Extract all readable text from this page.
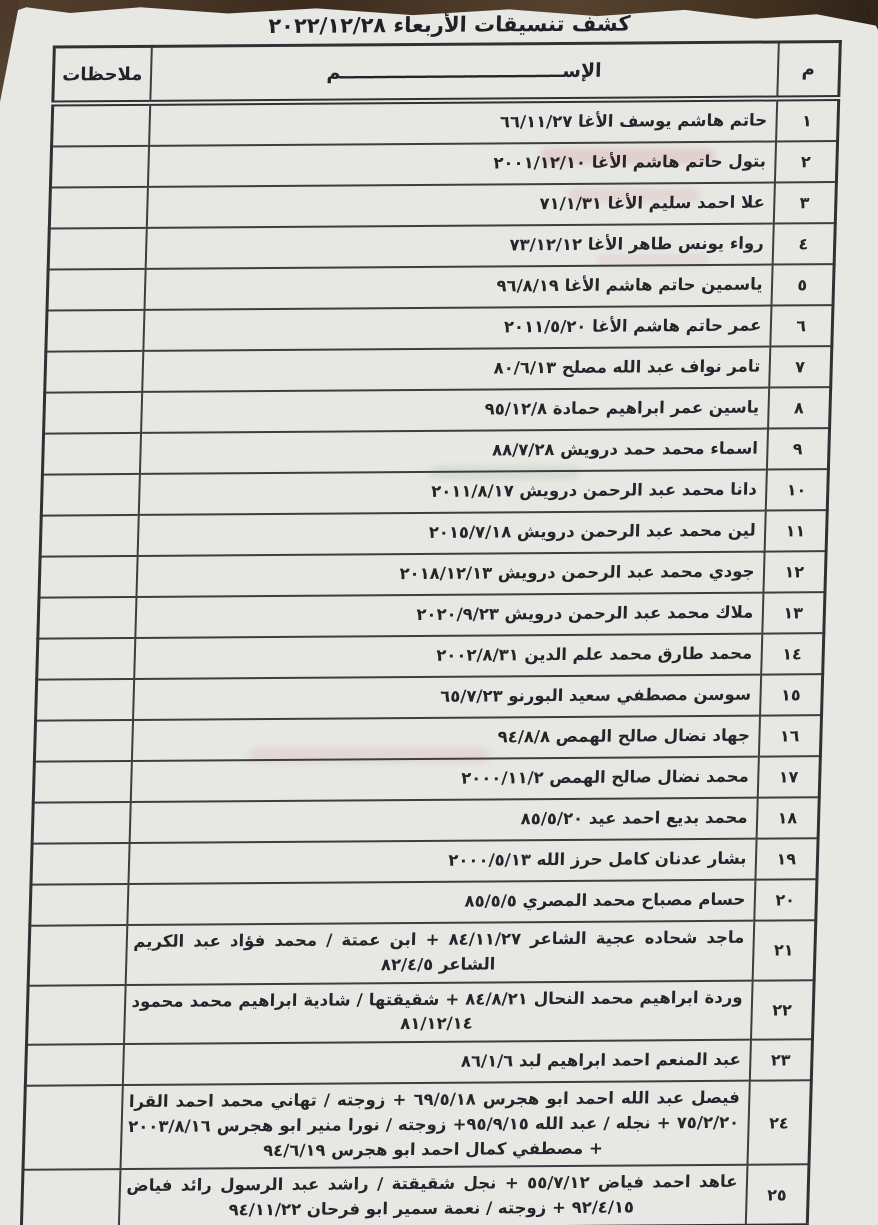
كشف تنسيقات الأربعاء ٢٠٢٢/١٢/٢٨
م	الإســــــــــــــــــــــــــــــــــم	ملاحظات
١	حاتم هاشم يوسف الأغا ٦٦/١١/٢٧	
٢	بتول حاتم هاشم الأغا ٢٠٠١/١٢/١٠	
٣	علا احمد سليم الأغا ٧١/١/٣١	
٤	رواء يونس طاهر الأغا ٧٣/١٢/١٢	
٥	ياسمين حاتم هاشم الأغا ٩٦/٨/١٩	
٦	عمر حاتم هاشم الأغا ٢٠١١/٥/٢٠	
٧	تامر نواف عبد الله مصلح ٨٠/٦/١٣	
٨	ياسين عمر ابراهيم حمادة ٩٥/١٢/٨	
٩	اسماء محمد حمد درويش ٨٨/٧/٢٨	
١٠	دانا محمد عبد الرحمن درويش ٢٠١١/٨/١٧	
١١	لين محمد عبد الرحمن درويش ٢٠١٥/٧/١٨	
١٢	جودي محمد عبد الرحمن درويش ٢٠١٨/١٢/١٣	
١٣	ملاك محمد عبد الرحمن درويش ٢٠٢٠/٩/٢٣	
١٤	محمد طارق محمد علم الدين ٢٠٠٢/٨/٣١	
١٥	سوسن مصطفي سعيد البورنو ٦٥/٧/٢٣	
١٦	جهاد نضال صالح الهمص ٩٤/٨/٨	
١٧	محمد نضال صالح الهمص ٢٠٠٠/١١/٢	
١٨	محمد بديع احمد عيد ٨٥/٥/٢٠	
١٩	بشار عدنان كامل حرز الله ٢٠٠٠/٥/١٣	
٢٠	حسام مصباح محمد المصري ٨٥/٥/٥	
٢١	ماجد شحاده عجية الشاعر ٨٤/١١/٢٧ + ابن عمتة / محمد فؤاد عبد الكريم الشاعر ٨٢/٤/٥	
٢٢	وردة ابراهيم محمد النحال ٨٤/٨/٢١ + شقيقتها / شادية ابراهيم محمد محمود ٨١/١٢/١٤	
٢٣	عبد المنعم احمد ابراهيم لبد ٨٦/١/٦	
٢٤	فيصل عبد الله احمد ابو هجرس ٦٩/٥/١٨ + زوجته / تهاني محمد احمد القرا ٧٥/٢/٢٠ + نجله / عبد الله ٩٥/٩/١٥+ زوجته / نورا منير ابو هجرس ٢٠٠٣/٨/١٦ + مصطفي كمال احمد ابو هجرس ٩٤/٦/١٩	
٢٥	عاهد احمد فياض ٥٥/٧/١٢ + نجل شقيقتة / راشد عبد الرسول رائد فياض ٩٢/٤/١٥ + زوجته / نعمة سمير ابو فرحان ٩٤/١١/٢٢	
